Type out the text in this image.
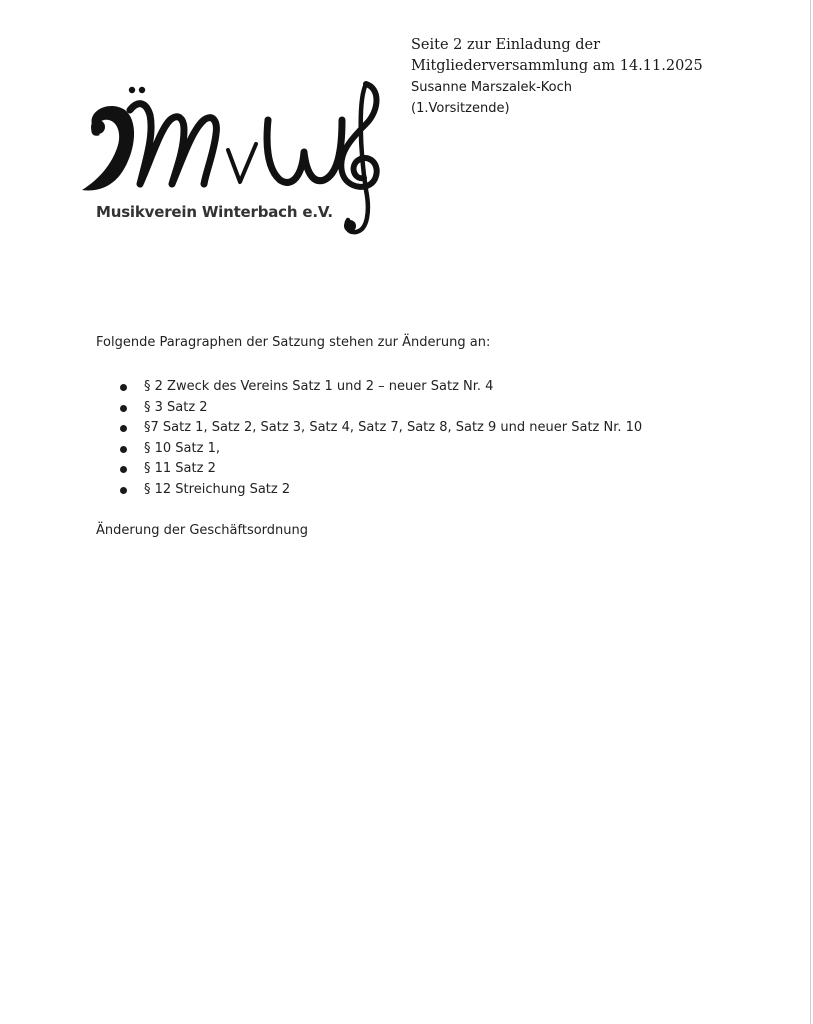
Seite 2 zur Einladung der
Mitgliederversammlung am 14.11.2025
Susanne Marszalek-Koch
(1.Vorsitzende)
Musikverein Winterbach e.V.

Folgende Paragraphen der Satzung stehen zur Änderung an:

§ 2 Zweck des Vereins Satz 1 und 2 – neuer Satz Nr. 4
§ 3 Satz 2
§7 Satz 1, Satz 2, Satz 3, Satz 4, Satz 7, Satz 8, Satz 9 und neuer Satz Nr. 10
§ 10 Satz 1,
§ 11 Satz 2
§ 12 Streichung Satz 2

Änderung der Geschäftsordnung
